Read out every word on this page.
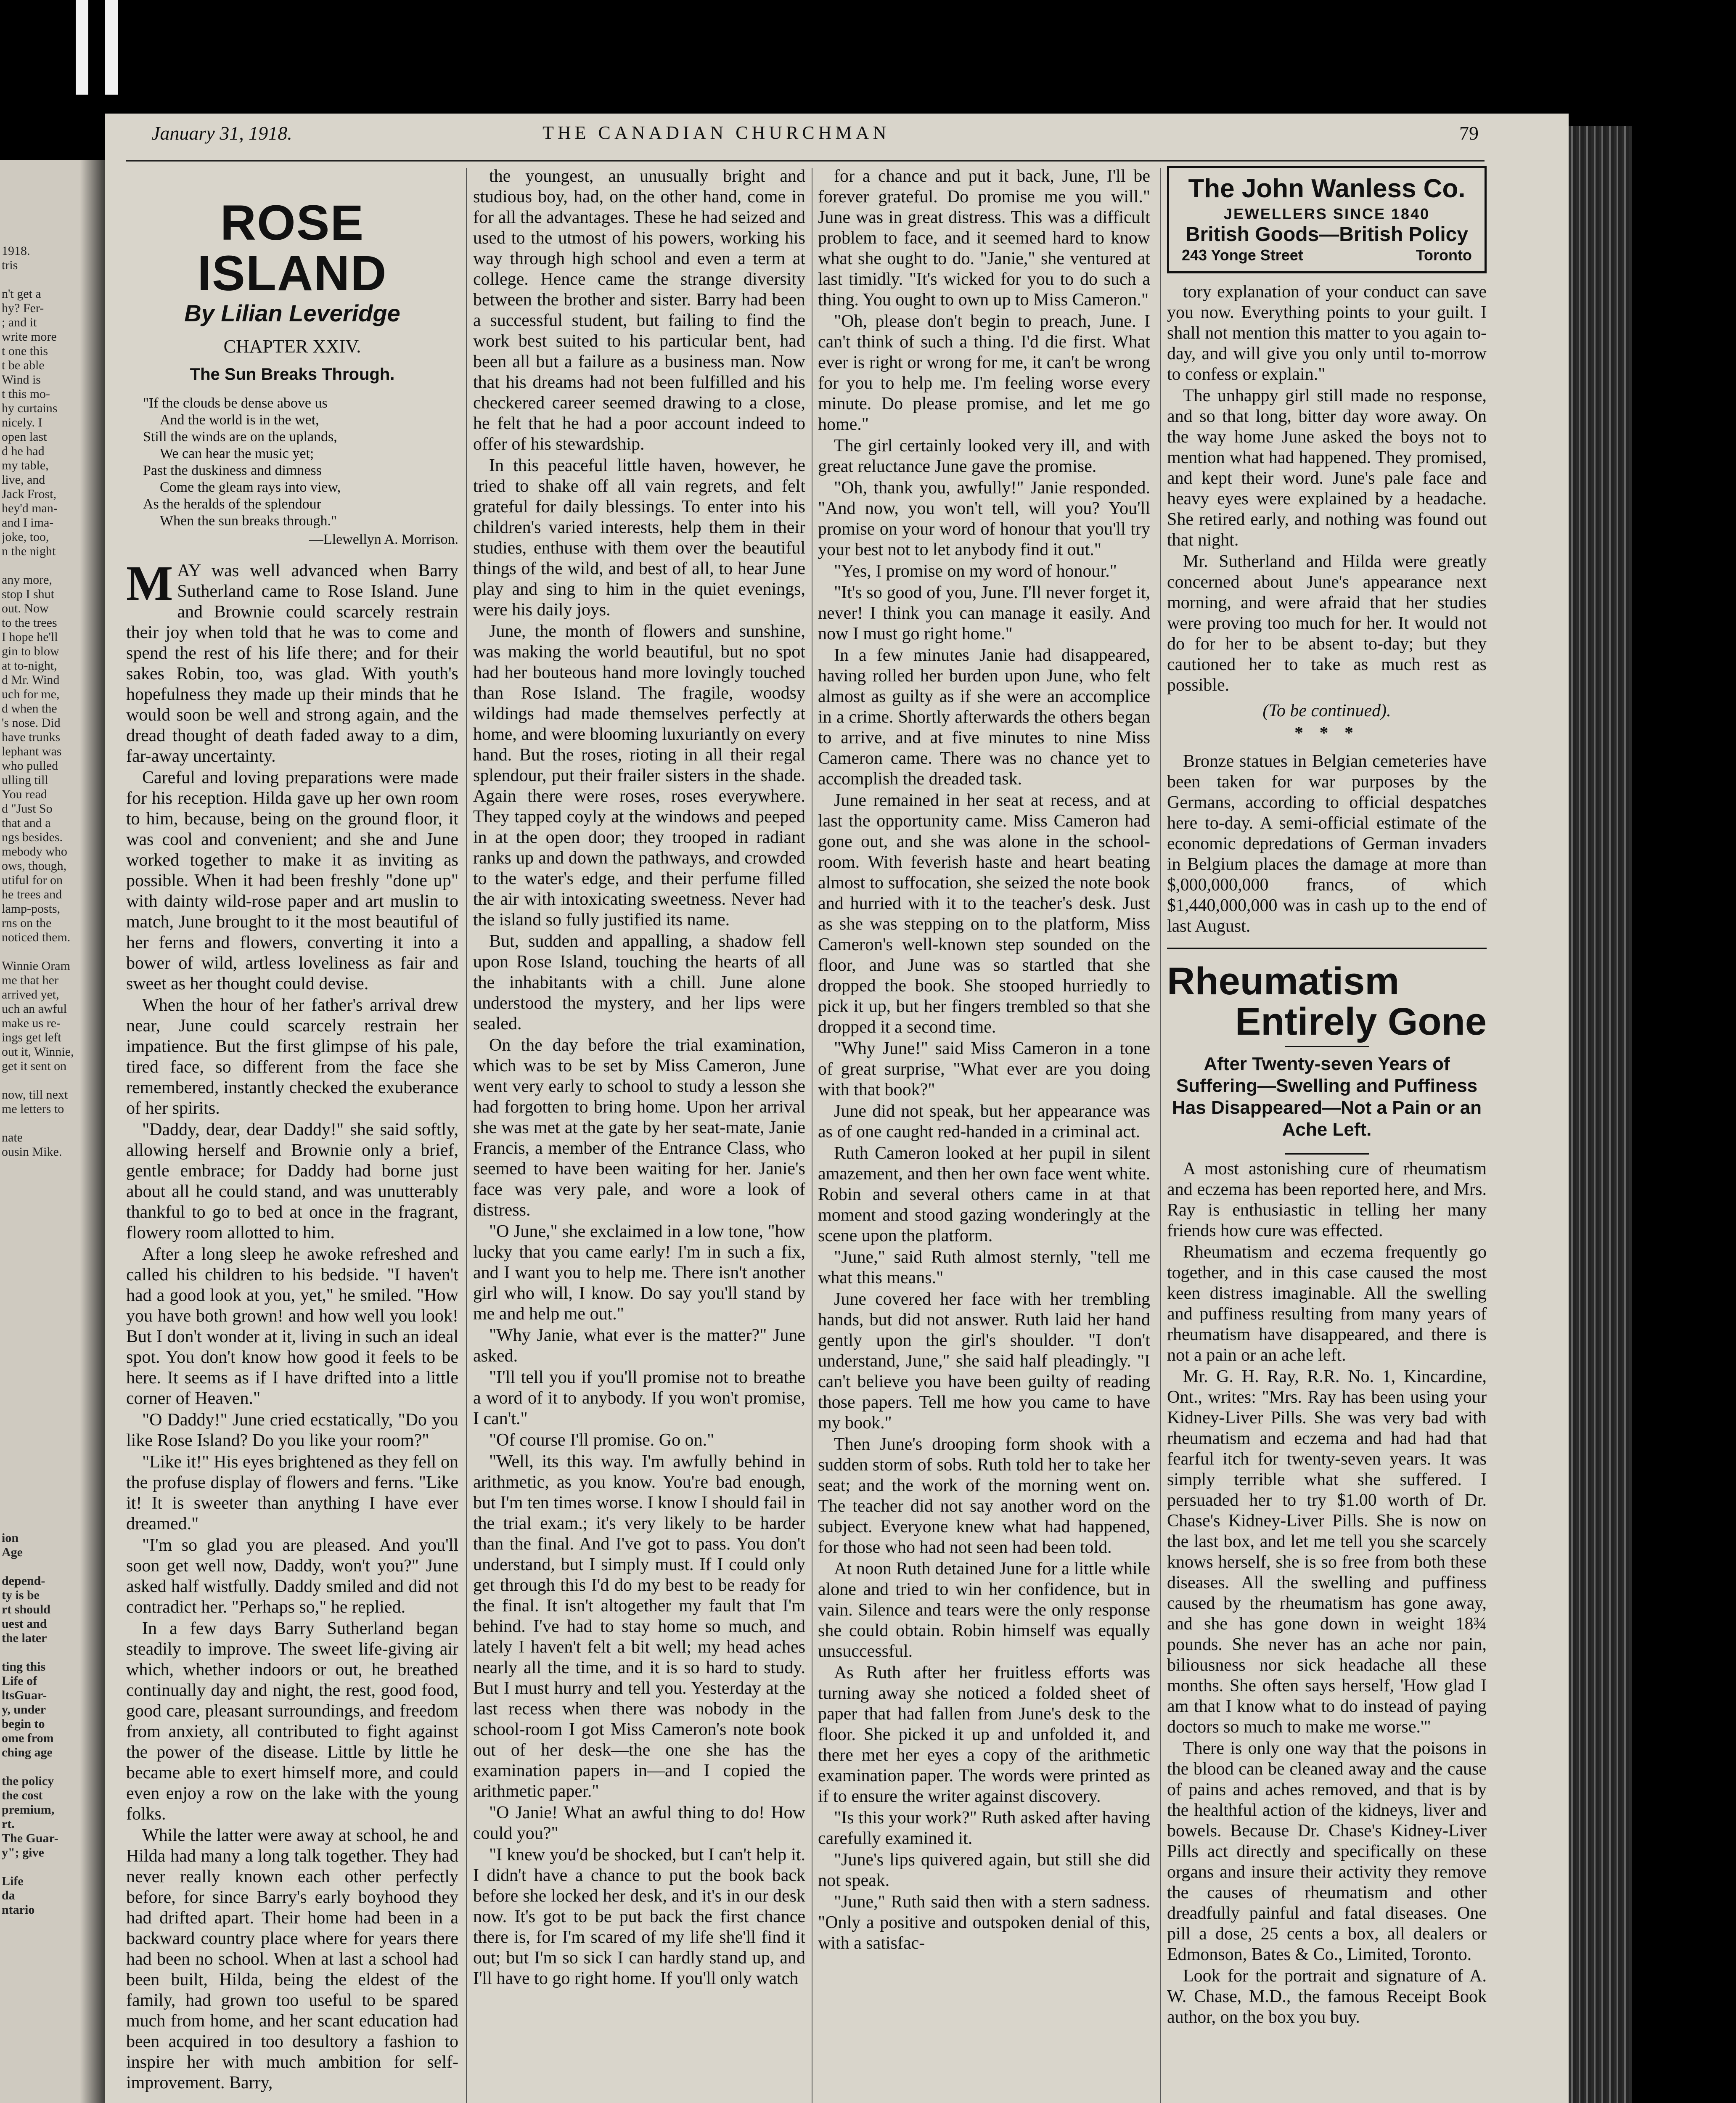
1918.
tris

n't get a
hy? Fer-
; and it
write more
t one this
t be able
Wind is
t this mo-
hy curtains
nicely. I
open last
d he had
my table,
live, and
Jack Frost,
hey'd man-
and I ima-
joke, too,
n the night

any more,
stop I shut
out. Now
to the trees
I hope he'll
gin to blow
at to-night,
d Mr. Wind
uch for me,
d when the
's nose. Did
have trunks
lephant was
who pulled
ulling till
You read
d "Just So
that and a
ngs besides.
mebody who
ows, though,
utiful for on
he trees and
lamp-posts,
rns on the
noticed them.

Winnie Oram
me that her
arrived yet,
uch an awful
make us re-
ings get left
out it, Winnie,
get it sent on

now, till next
me letters to

nate
ousin Mike.
ion
Age

depend-
ty is be
rt should
uest and
the later

ting this
Life of
ltsGuar-
y, under
begin to
ome from
ching age

the policy
the cost
premium,
rt.
The Guar-
y"; give

Life
da
ntario
January 31, 1918.	THE CANADIAN CHURCHMAN	79
ROSE ISLAND
By Lilian Leveridge
CHAPTER XXIV.
The Sun Breaks Through.
"If the clouds be dense above us
And the world is in the wet,
Still the winds are on the uplands,
We can hear the music yet;
Past the duskiness and dimness
Come the gleam rays into view,
As the heralds of the splendour
When the sun breaks through."
—Llewellyn A. Morrison.

MAY was well advanced when Barry Sutherland came to Rose Island. June and Brownie could scarcely restrain their joy when told that he was to come and spend the rest of his life there; and for their sakes Robin, too, was glad. With youth's hopefulness they made up their minds that he would soon be well and strong again, and the dread thought of death faded away to a dim, far-away uncertainty.

Careful and loving preparations were made for his reception. Hilda gave up her own room to him, because, being on the ground floor, it was cool and convenient; and she and June worked together to make it as inviting as possible. When it had been freshly "done up" with dainty wild-rose paper and art muslin to match, June brought to it the most beautiful of her ferns and flowers, converting it into a bower of wild, artless loveliness as fair and sweet as her thought could devise.

When the hour of her father's arrival drew near, June could scarcely restrain her impatience. But the first glimpse of his pale, tired face, so different from the face she remembered, instantly checked the exuberance of her spirits.

"Daddy, dear, dear Daddy!" she said softly, allowing herself and Brownie only a brief, gentle embrace; for Daddy had borne just about all he could stand, and was unutterably thankful to go to bed at once in the fragrant, flowery room allotted to him.

After a long sleep he awoke refreshed and called his children to his bedside. "I haven't had a good look at you, yet," he smiled. "How you have both grown! and how well you look! But I don't wonder at it, living in such an ideal spot. You don't know how good it feels to be here. It seems as if I have drifted into a little corner of Heaven."

"O Daddy!" June cried ecstatically, "Do you like Rose Island? Do you like your room?"

"Like it!" His eyes brightened as they fell on the profuse display of flowers and ferns. "Like it! It is sweeter than anything I have ever dreamed."

"I'm so glad you are pleased. And you'll soon get well now, Daddy, won't you?" June asked half wistfully. Daddy smiled and did not contradict her. "Perhaps so," he replied.

In a few days Barry Sutherland began steadily to improve. The sweet life-giving air which, whether indoors or out, he breathed continually day and night, the rest, good food, good care, pleasant surroundings, and freedom from anxiety, all contributed to fight against the power of the disease. Little by little he became able to exert himself more, and could even enjoy a row on the lake with the young folks.

While the latter were away at school, he and Hilda had many a long talk together. They had never really known each other perfectly before, for since Barry's early boyhood they had drifted apart. Their home had been in a backward country place where for years there had been no school. When at last a school had been built, Hilda, being the eldest of the family, had grown too useful to be spared much from home, and her scant education had been acquired in too desultory a fashion to inspire her with much ambition for self-improvement. Barry,

the youngest, an unusually bright and studious boy, had, on the other hand, come in for all the advantages. These he had seized and used to the utmost of his powers, working his way through high school and even a term at college. Hence came the strange diversity between the brother and sister. Barry had been a successful student, but failing to find the work best suited to his particular bent, had been all but a failure as a business man. Now that his dreams had not been fulfilled and his checkered career seemed drawing to a close, he felt that he had a poor account indeed to offer of his stewardship.

In this peaceful little haven, however, he tried to shake off all vain regrets, and felt grateful for daily blessings. To enter into his children's varied interests, help them in their studies, enthuse with them over the beautiful things of the wild, and best of all, to hear June play and sing to him in the quiet evenings, were his daily joys.

June, the month of flowers and sunshine, was making the world beautiful, but no spot had her bouteous hand more lovingly touched than Rose Island. The fragile, woodsy wildings had made themselves perfectly at home, and were blooming luxuriantly on every hand. But the roses, rioting in all their regal splendour, put their frailer sisters in the shade. Again there were roses, roses everywhere. They tapped coyly at the windows and peeped in at the open door; they trooped in radiant ranks up and down the pathways, and crowded to the water's edge, and their perfume filled the air with intoxicating sweetness. Never had the island so fully justified its name.

But, sudden and appalling, a shadow fell upon Rose Island, touching the hearts of all the inhabitants with a chill. June alone understood the mystery, and her lips were sealed.

On the day before the trial examination, which was to be set by Miss Cameron, June went very early to school to study a lesson she had forgotten to bring home. Upon her arrival she was met at the gate by her seat-mate, Janie Francis, a member of the Entrance Class, who seemed to have been waiting for her. Janie's face was very pale, and wore a look of distress.

"O June," she exclaimed in a low tone, "how lucky that you came early! I'm in such a fix, and I want you to help me. There isn't another girl who will, I know. Do say you'll stand by me and help me out."

"Why Janie, what ever is the matter?" June asked.

"I'll tell you if you'll promise not to breathe a word of it to anybody. If you won't promise, I can't."

"Of course I'll promise. Go on."

"Well, its this way. I'm awfully behind in arithmetic, as you know. You're bad enough, but I'm ten times worse. I know I should fail in the trial exam.; it's very likely to be harder than the final. And I've got to pass. You don't understand, but I simply must. If I could only get through this I'd do my best to be ready for the final. It isn't altogether my fault that I'm behind. I've had to stay home so much, and lately I haven't felt a bit well; my head aches nearly all the time, and it is so hard to study. But I must hurry and tell you. Yesterday at the last recess when there was nobody in the school-room I got Miss Cameron's note book out of her desk—the one she has the examination papers in—and I copied the arithmetic paper."

"O Janie! What an awful thing to do! How could you?"

"I knew you'd be shocked, but I can't help it. I didn't have a chance to put the book back before she locked her desk, and it's in our desk now. It's got to be put back the first chance there is, for I'm scared of my life she'll find it out; but I'm so sick I can hardly stand up, and I'll have to go right home. If you'll only watch

for a chance and put it back, June, I'll be forever grateful. Do promise me you will." June was in great distress. This was a difficult problem to face, and it seemed hard to know what she ought to do. "Janie," she ventured at last timidly. "It's wicked for you to do such a thing. You ought to own up to Miss Cameron."

"Oh, please don't begin to preach, June. I can't think of such a thing. I'd die first. What ever is right or wrong for me, it can't be wrong for you to help me. I'm feeling worse every minute. Do please promise, and let me go home."

The girl certainly looked very ill, and with great reluctance June gave the promise.

"Oh, thank you, awfully!" Janie responded. "And now, you won't tell, will you? You'll promise on your word of honour that you'll try your best not to let anybody find it out."

"Yes, I promise on my word of honour."

"It's so good of you, June. I'll never forget it, never! I think you can manage it easily. And now I must go right home."

In a few minutes Janie had disappeared, having rolled her burden upon June, who felt almost as guilty as if she were an accomplice in a crime. Shortly afterwards the others began to arrive, and at five minutes to nine Miss Cameron came. There was no chance yet to accomplish the dreaded task.

June remained in her seat at recess, and at last the opportunity came. Miss Cameron had gone out, and she was alone in the school-room. With feverish haste and heart beating almost to suffocation, she seized the note book and hurried with it to the teacher's desk. Just as she was stepping on to the platform, Miss Cameron's well-known step sounded on the floor, and June was so startled that she dropped the book. She stooped hurriedly to pick it up, but her fingers trembled so that she dropped it a second time.

"Why June!" said Miss Cameron in a tone of great surprise, "What ever are you doing with that book?"

June did not speak, but her appearance was as of one caught red-handed in a criminal act.

Ruth Cameron looked at her pupil in silent amazement, and then her own face went white. Robin and several others came in at that moment and stood gazing wonderingly at the scene upon the platform.

"June," said Ruth almost sternly, "tell me what this means."

June covered her face with her trembling hands, but did not answer. Ruth laid her hand gently upon the girl's shoulder. "I don't understand, June," she said half pleadingly. "I can't believe you have been guilty of reading those papers. Tell me how you came to have my book."

Then June's drooping form shook with a sudden storm of sobs. Ruth told her to take her seat; and the work of the morning went on. The teacher did not say another word on the subject. Everyone knew what had happened, for those who had not seen had been told.

At noon Ruth detained June for a little while alone and tried to win her confidence, but in vain. Silence and tears were the only response she could obtain. Robin himself was equally unsuccessful.

As Ruth after her fruitless efforts was turning away she noticed a folded sheet of paper that had fallen from June's desk to the floor. She picked it up and unfolded it, and there met her eyes a copy of the arithmetic examination paper. The words were printed as if to ensure the writer against discovery.

"Is this your work?" Ruth asked after having carefully examined it.

"June's lips quivered again, but still she did not speak.

"June," Ruth said then with a stern sadness. "Only a positive and outspoken denial of this, with a satisfac-

The John Wanless Co.
JEWELLERS SINCE 1840
British Goods—British Policy
243 Yonge Street	Toronto

tory explanation of your conduct can save you now. Everything points to your guilt. I shall not mention this matter to you again to-day, and will give you only until to-morrow to confess or explain."

The unhappy girl still made no response, and so that long, bitter day wore away. On the way home June asked the boys not to mention what had happened. They promised, and kept their word. June's pale face and heavy eyes were explained by a headache. She retired early, and nothing was found out that night.

Mr. Sutherland and Hilda were greatly concerned about June's appearance next morning, and were afraid that her studies were proving too much for her. It would not do for her to be absent to-day; but they cautioned her to take as much rest as possible.

(To be continued).
* * *

Bronze statues in Belgian cemeteries have been taken for war purposes by the Germans, according to official despatches here to-day. A semi-official estimate of the economic depredations of German invaders in Belgium places the damage at more than $,000,000,000 francs, of which $1,440,000,000 was in cash up to the end of last August.

Rheumatism
Entirely Gone
After Twenty-seven Years of Suffering—Swelling and Puffiness Has Disappeared—Not a Pain or an Ache Left.

A most astonishing cure of rheumatism and eczema has been reported here, and Mrs. Ray is enthusiastic in telling her many friends how cure was effected.

Rheumatism and eczema frequently go together, and in this case caused the most keen distress imaginable. All the swelling and puffiness resulting from many years of rheumatism have disappeared, and there is not a pain or an ache left.

Mr. G. H. Ray, R.R. No. 1, Kincardine, Ont., writes: "Mrs. Ray has been using your Kidney-Liver Pills. She was very bad with rheumatism and eczema and had had that fearful itch for twenty-seven years. It was simply terrible what she suffered. I persuaded her to try $1.00 worth of Dr. Chase's Kidney-Liver Pills. She is now on the last box, and let me tell you she scarcely knows herself, she is so free from both these diseases. All the swelling and puffiness caused by the rheumatism has gone away, and she has gone down in weight 18¾ pounds. She never has an ache nor pain, biliousness nor sick headache all these months. She often says herself, 'How glad I am that I know what to do instead of paying doctors so much to make me worse.'"

There is only one way that the poisons in the blood can be cleaned away and the cause of pains and aches removed, and that is by the healthful action of the kidneys, liver and bowels. Because Dr. Chase's Kidney-Liver Pills act directly and specifically on these organs and insure their activity they remove the causes of rheumatism and other dreadfully painful and fatal diseases. One pill a dose, 25 cents a box, all dealers or Edmonson, Bates & Co., Limited, Toronto.

Look for the portrait and signature of A. W. Chase, M.D., the famous Receipt Book author, on the box you buy.
